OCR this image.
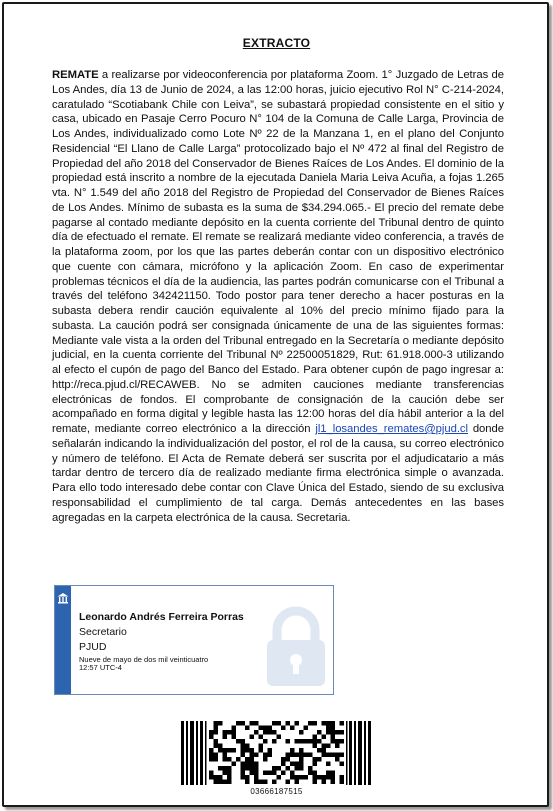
EXTRACTO
REMATE a realizarse por videoconferencia por plataforma Zoom. 1° Juzgado de Letras de Los Andes, día 13 de Junio de 2024, a las 12:00 horas, juicio ejecutivo Rol N° C-214-2024, caratulado “Scotiabank Chile con Leiva”, se subastará propiedad consistente en el sitio y casa, ubicado en Pasaje Cerro Pocuro N° 104 de la Comuna de Calle Larga, Provincia de Los Andes, individualizado como Lote Nº 22 de la Manzana 1, en el plano del Conjunto Residencial “El Llano de Calle Larga” protocolizado bajo el Nº 472 al final del Registro de Propiedad del año 2018 del Conservador de Bienes Raíces de Los Andes. El dominio de la propiedad está inscrito a nombre de la ejecutada Daniela Maria Leiva Acuña, a fojas 1.265 vta. N° 1.549 del año 2018 del Registro de Propiedad del Conservador de Bienes Raíces de Los Andes. Mínimo de subasta es la suma de $34.294.065.- El precio del remate debe pagarse al contado mediante depósito en la cuenta corriente del Tribunal dentro de quinto día de efectuado el remate. El remate se realizará mediante video conferencia, a través de la plataforma zoom, por los que las partes deberán contar con un dispositivo electrónico que cuente con cámara, micrófono y la aplicación Zoom. En caso de experimentar problemas técnicos el día de la audiencia, las partes podrán comunicarse con el Tribunal a través del teléfono 342421150. Todo postor para tener derecho a hacer posturas en la subasta debera rendir caución equivalente al 10% del precio mínimo fijado para la subasta. La caución podrá ser consignada únicamente de una de las siguientes formas: Mediante vale vista a la orden del Tribunal entregado en la Secretaría o mediante depósito judicial, en la cuenta corriente del Tribunal Nº 22500051829, Rut: 61.918.000-3 utilizando al efecto el cupón de pago del Banco del Estado. Para obtener cupón de pago ingresar a: http://reca.pjud.cl/RECAWEB. No se admiten cauciones mediante transferencias electrónicas de fondos. El comprobante de consignación de la caución debe ser acompañado en forma digital y legible hasta las 12:00 horas del día hábil anterior a la del remate, mediante correo electrónico a la dirección jl1_losandes_remates@pjud.cl donde señalarán indicando la individualización del postor, el rol de la causa, su correo electrónico y número de teléfono. El Acta de Remate deberá ser suscrita por el adjudicatario a más tardar dentro de tercero día de realizado mediante firma electrónica simple o avanzada. Para ello todo interesado debe contar con Clave Única del Estado, siendo de su exclusiva responsabilidad el cumplimiento de tal carga. Demás antecedentes en las bases agregadas en la carpeta electrónica de la causa. Secretaria.
Leonardo Andrés Ferreira Porras
Secretario
PJUD
Nueve de mayo de dos mil veinticuatro
12:57 UTC-4
03666187515
